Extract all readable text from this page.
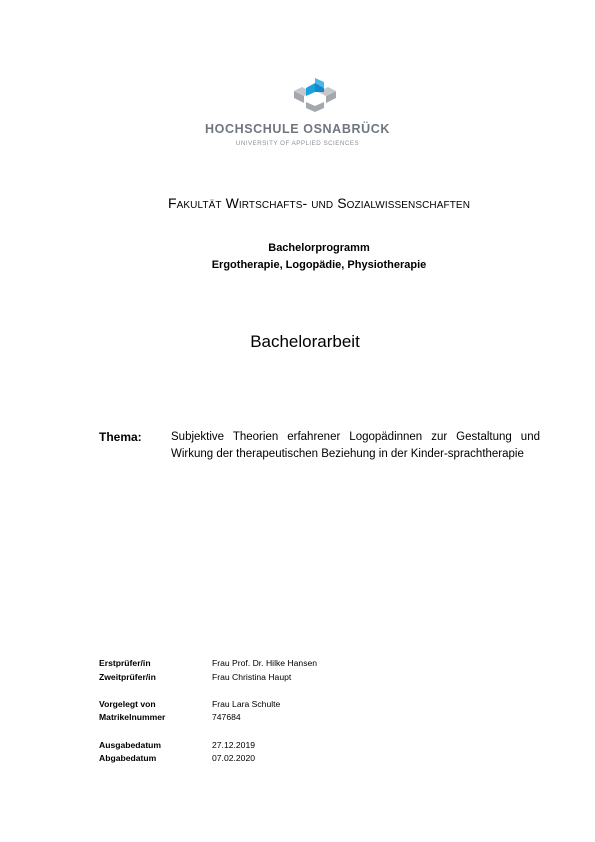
HOCHSCHULE OSNABRÜCK
UNIVERSITY OF APPLIED SCIENCES
Fakultät Wirtschafts- und Sozialwissenschaften
Bachelorprogramm
Ergotherapie, Logopädie, Physiotherapie
Bachelorarbeit
Thema:	Subjektive Theorien erfahrener Logopädinnen zur Gestaltung und Wirkung der therapeutischen Beziehung in der Kinder-sprachtherapie
Erstprüfer/in	Frau Prof. Dr. Hilke Hansen
Zweitprüfer/in	Frau Christina Haupt
Vorgelegt von	Frau Lara Schulte
Matrikelnummer	747684
Ausgabedatum	27.12.2019
Abgabedatum	07.02.2020
